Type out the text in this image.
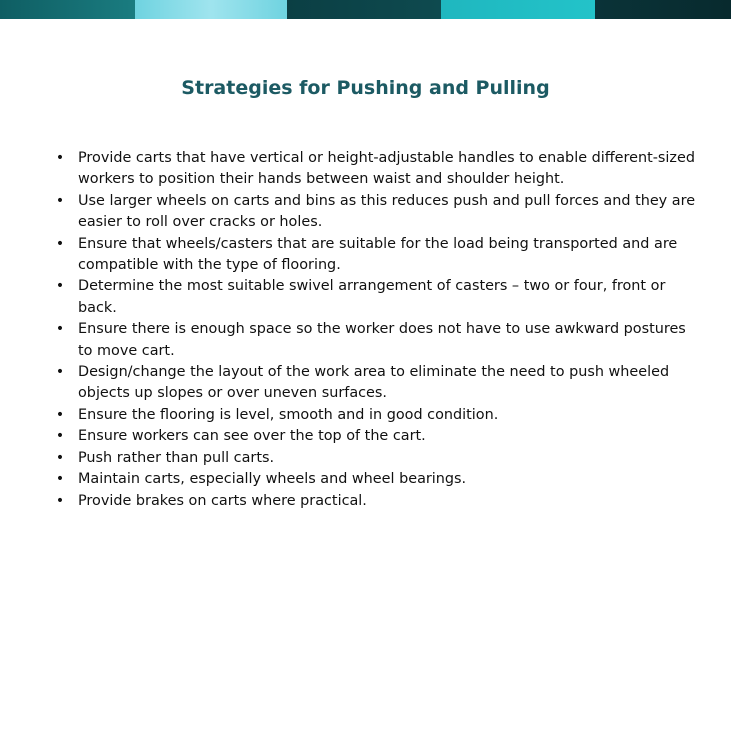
Strategies for Pushing and Pulling
• Provide carts that have vertical or height-adjustable handles to enable different-sized workers to position their hands between waist and shoulder height.
• Use larger wheels on carts and bins as this reduces push and pull forces and they are easier to roll over cracks or holes.
• Ensure that wheels/casters that are suitable for the load being transported and are compatible with the type of flooring.
• Determine the most suitable swivel arrangement of casters – two or four, front or back.
• Ensure there is enough space so the worker does not have to use awkward postures to move cart.
• Design/change the layout of the work area to eliminate the need to push wheeled objects up slopes or over uneven surfaces.
• Ensure the flooring is level, smooth and in good condition.
• Ensure workers can see over the top of the cart.
• Push rather than pull carts.
• Maintain carts, especially wheels and wheel bearings.
• Provide brakes on carts where practical.
